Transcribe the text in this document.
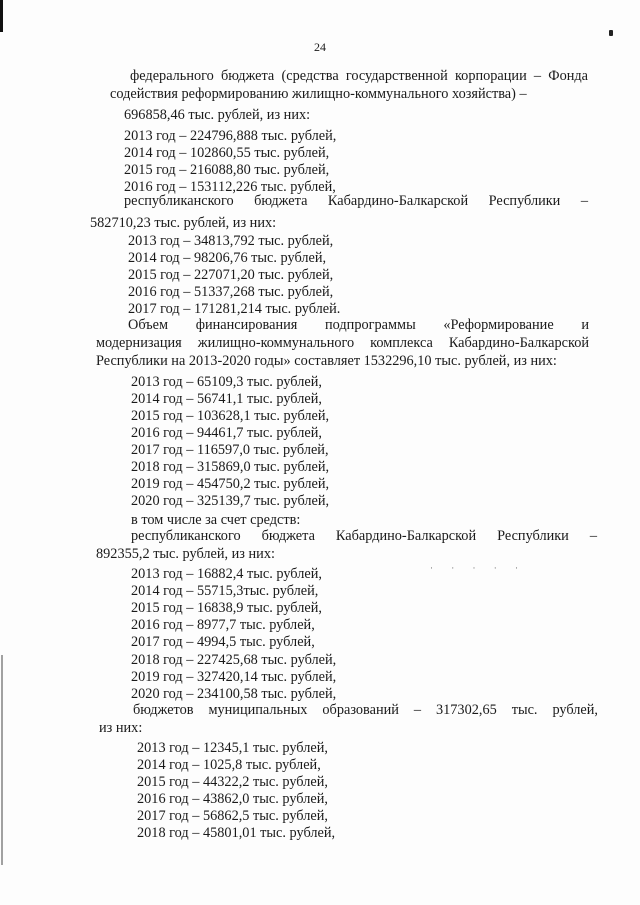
· · · · ·
24
федерального бюджета (средства государственной корпорации – Фонда
содействия реформированию жилищно-коммунального хозяйства) –
696858,46 тыс. рублей, из них:
2013 год – 224796,888 тыс. рублей,
2014 год – 102860,55 тыс. рублей,
2015 год – 216088,80 тыс. рублей,
2016 год – 153112,226 тыс. рублей,
республиканского бюджета Кабардино-Балкарской Республики –
582710,23 тыс. рублей, из них:
2013 год – 34813,792 тыс. рублей,
2014 год – 98206,76 тыс. рублей,
2015 год – 227071,20 тыс. рублей,
2016 год – 51337,268 тыс. рублей,
2017 год – 171281,214 тыс. рублей.
Объем финансирования подпрограммы «Реформирование и
модернизация жилищно-коммунального комплекса Кабардино-Балкарской
Республики на 2013-2020 годы» составляет 1532296,10 тыс. рублей, из них:
2013 год – 65109,3 тыс. рублей,
2014 год – 56741,1 тыс. рублей,
2015 год – 103628,1 тыс. рублей,
2016 год – 94461,7 тыс. рублей,
2017 год – 116597,0 тыс. рублей,
2018 год – 315869,0 тыс. рублей,
2019 год – 454750,2 тыс. рублей,
2020 год – 325139,7 тыс. рублей,
в том числе за счет средств:
республиканского бюджета Кабардино-Балкарской Республики –
892355,2 тыс. рублей, из них:
2013 год – 16882,4 тыс. рублей,
2014 год – 55715,3тыс. рублей,
2015 год – 16838,9 тыс. рублей,
2016 год – 8977,7 тыс. рублей,
2017 год – 4994,5 тыс. рублей,
2018 год – 227425,68 тыс. рублей,
2019 год – 327420,14 тыс. рублей,
2020 год – 234100,58 тыс. рублей,
бюджетов муниципальных образований – 317302,65 тыс. рублей,
из них:
2013 год – 12345,1 тыс. рублей,
2014 год – 1025,8 тыс. рублей,
2015 год – 44322,2 тыс. рублей,
2016 год – 43862,0 тыс. рублей,
2017 год – 56862,5 тыс. рублей,
2018 год – 45801,01 тыс. рублей,
